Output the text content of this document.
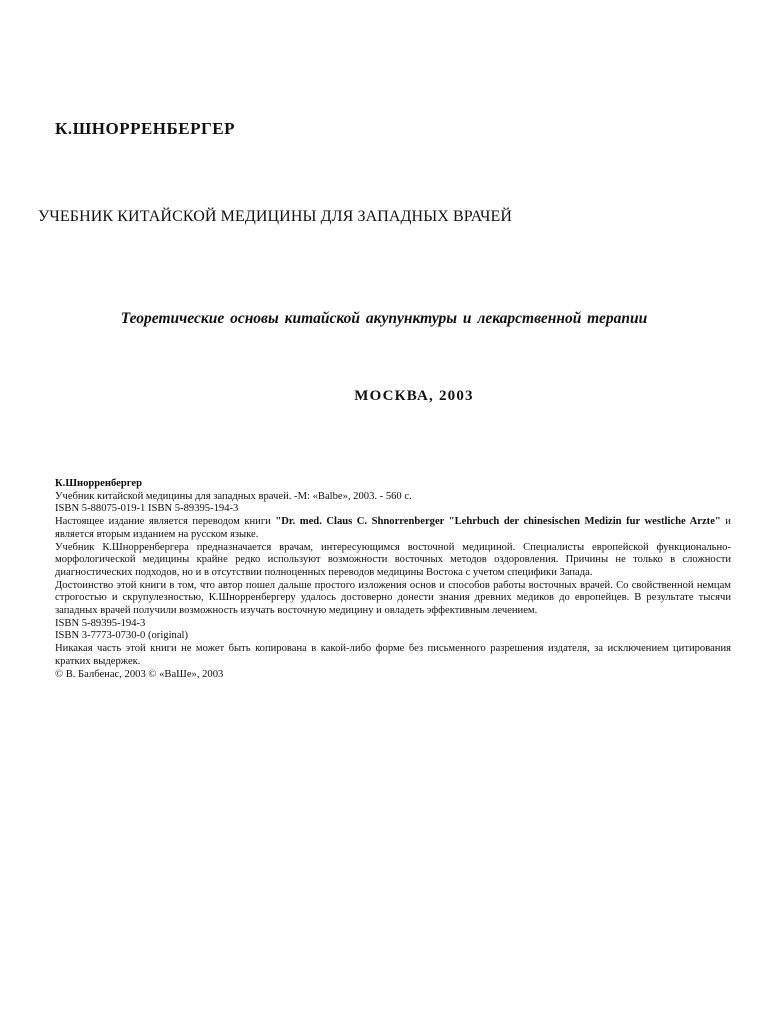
К.ШНОРРЕНБЕРГЕР
УЧЕБНИК КИТАЙСКОЙ МЕДИЦИНЫ ДЛЯ ЗАПАДНЫХ ВРАЧЕЙ
Теоретические основы китайской акупунктуры и лекарственной терапии
МОСКВА, 2003

К.Шнорренбергер

Учебник китайской медицины для западных врачей. -М: «Balbe», 2003. - 560 с.

ISBN 5-88075-019-1 ISBN 5-89395-194-3

Настоящее издание является переводом книги "Dr. med. Claus C. Shnorrenberger "Lehrbuch der chinesischen Medizin fur westliche Arzte" и является вторым изданием на русском языке.

Учебник К.Шнорренбергера предназначается врачам, интересующимся восточной медициной. Специалисты европейской функционально-морфологической медицины крайне редко используют возможности восточных методов оздоровления. Причины не только в сложности диагностических подходов, но и в отсутствии полноценных переводов медицины Востока с учетом специфики Запада.

Достоинство этой книги в том, что автор пошел дальше простого изложения основ и способов работы восточных врачей. Со свойственной немцам строгостью и скрупулезностью, К.Шнорренбергеру удалось достоверно донести знания древних медиков до европейцев. В результате тысячи западных врачей получили возможность изучать восточную медицину и овладеть эффективным лечением.

ISBN 5-89395-194-3

ISBN 3-7773-0730-0 (original)

Никакая часть этой книги не может быть копирована в какой-либо форме без письменного разрешения издателя, за исключением цитирования кратких выдержек.

© В. Балбенас, 2003 © «ВаШе», 2003
